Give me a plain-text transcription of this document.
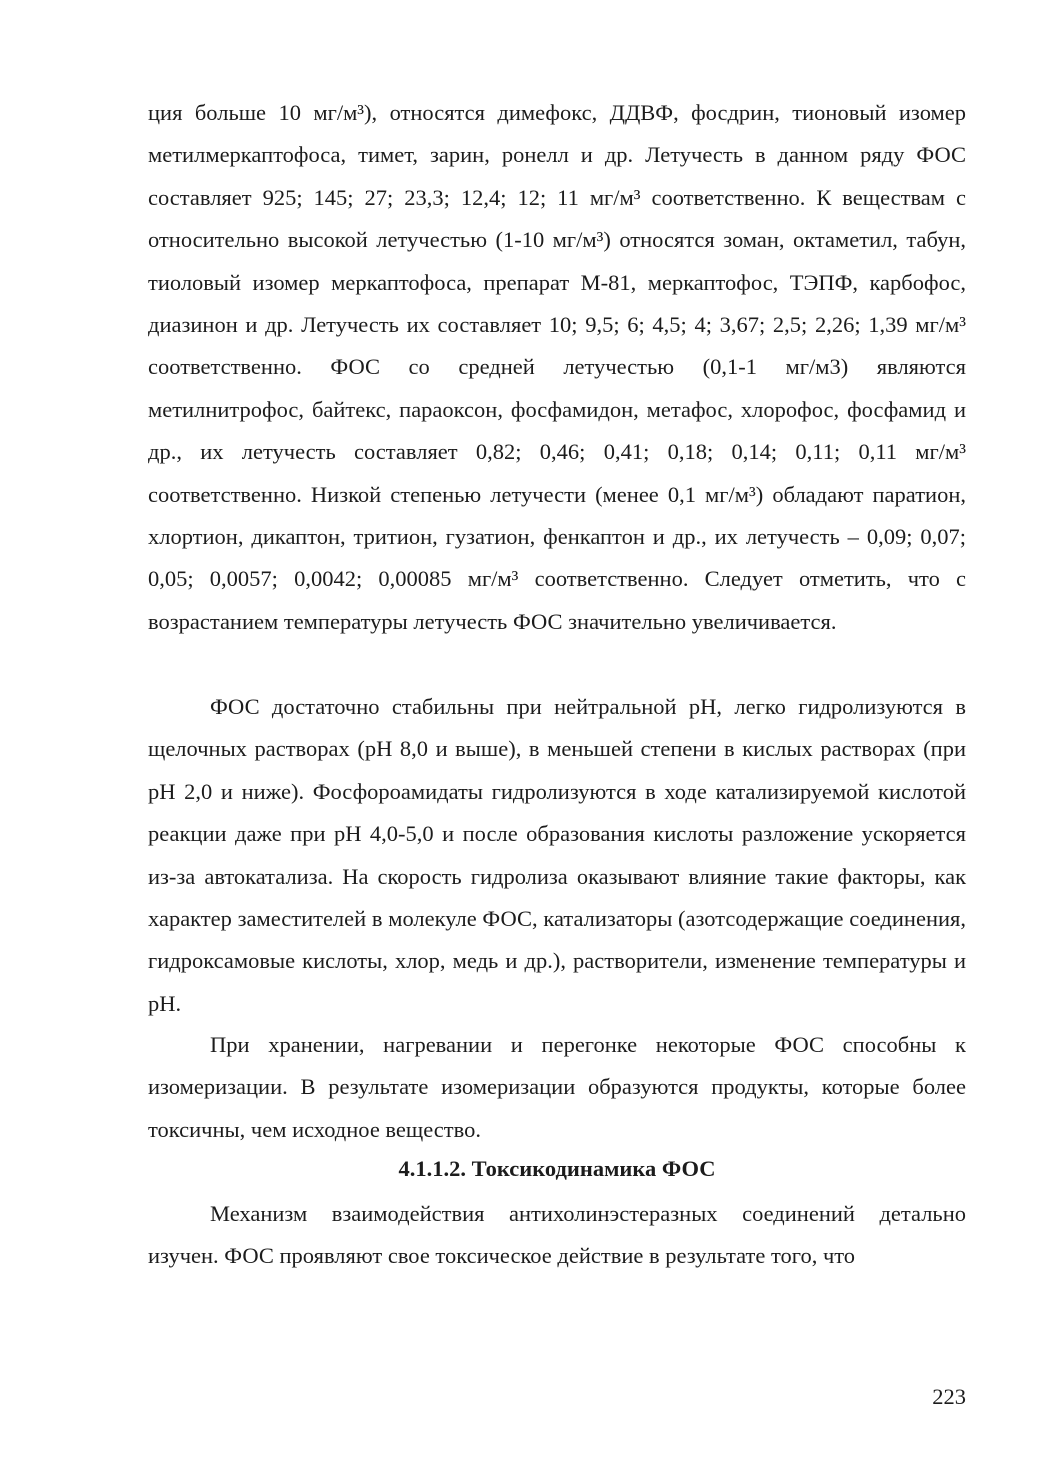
ция больше 10 мг/м³), относятся димефокс, ДДВФ, фосдрин, тионовый изомер метилмеркаптофоса, тимет, зарин, ронелл и др. Летучесть в данном ряду ФОС составляет 925; 145; 27; 23,3; 12,4; 12; 11 мг/м³ соответственно. К веществам с относительно высокой летучестью (1-10 мг/м³) относятся зоман, октаметил, табун, тиоловый изомер меркаптофоса, препарат М-81, меркаптофос, ТЭПФ, карбофос, диазинон и др. Летучесть их составляет 10; 9,5; 6; 4,5; 4; 3,67; 2,5; 2,26; 1,39 мг/м³ соответственно. ФОС со средней летучестью (0,1-1 мг/м3) являются метилнитрофос, байтекс, параоксон, фосфамидон, метафос, хлорофос, фосфамид и др., их летучесть составляет 0,82; 0,46; 0,41; 0,18; 0,14; 0,11; 0,11 мг/м³ соответственно. Низкой степенью летучести (менее 0,1 мг/м³) обладают паратион, хлортион, дикаптон, тритион, гузатион, фенкаптон и др., их летучесть – 0,09; 0,07; 0,05; 0,0057; 0,0042; 0,00085 мг/м³ соответственно. Следует отметить, что с возрастанием температуры летучесть ФОС значительно увеличивается.

ФОС достаточно стабильны при нейтральной pH, легко гидролизуются в щелочных растворах (pH 8,0 и выше), в меньшей степени в кислых растворах (при pH 2,0 и ниже). Фосфороамидаты гидролизуются в ходе катализируемой кислотой реакции даже при pH 4,0-5,0 и после образования кислоты разложение ускоряется из-за автокатализа. На скорость гидролиза оказывают влияние такие факторы, как характер заместителей в молекуле ФОС, катализаторы (азотсодержащие соединения, гидроксамовые кислоты, хлор, медь и др.), растворители, изменение температуры и pH.

При хранении, нагревании и перегонке некоторые ФОС способны к изомеризации. В результате изомеризации образуются продукты, которые более токсичны, чем исходное вещество.

4.1.1.2. Токсикодинамика ФОС

Механизм взаимодействия антихолинэстеразных соединений детально изучен. ФОС проявляют свое токсическое действие в результате того, что

223
